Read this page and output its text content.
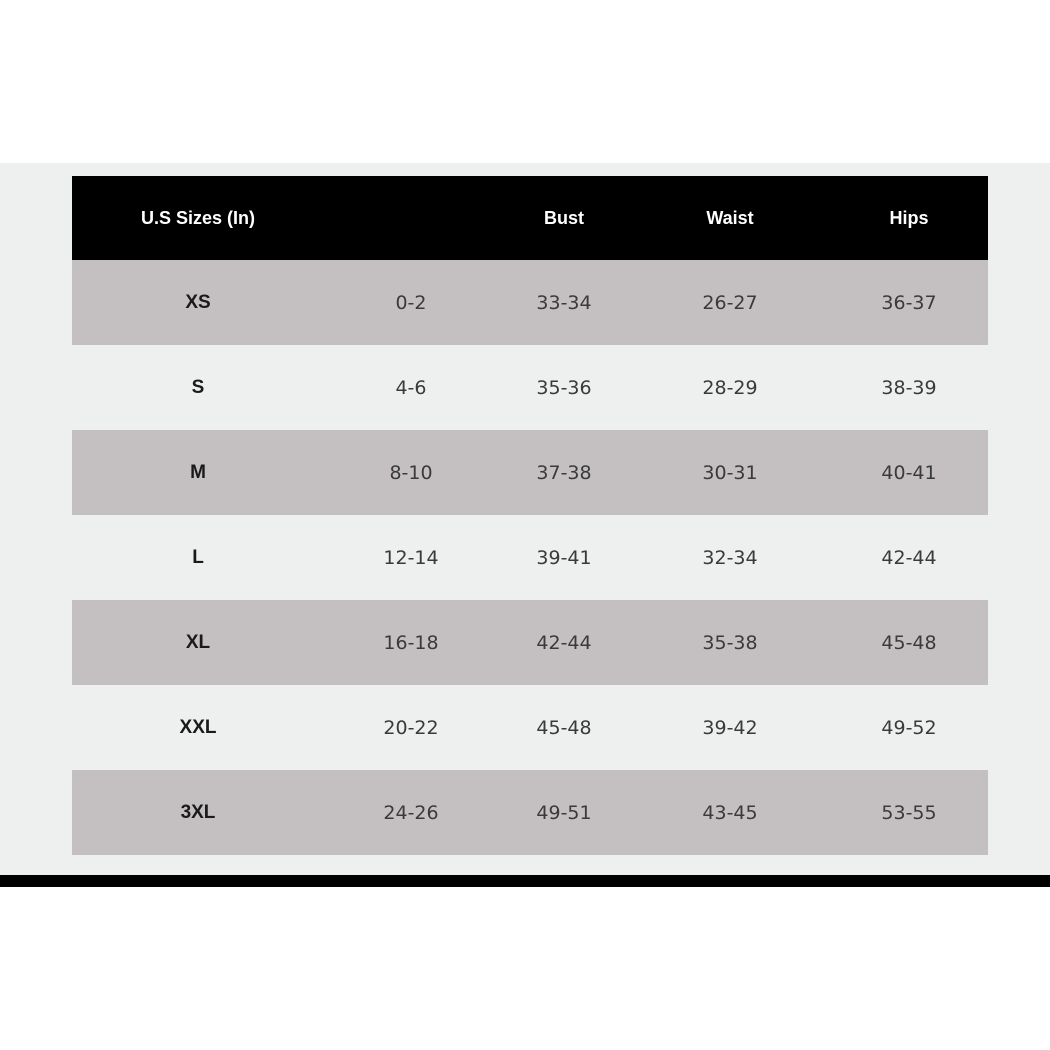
U.S Sizes (In)		Bust	Waist	Hips
XS	0-2	33-34	26-27	36-37
S	4-6	35-36	28-29	38-39
M	8-10	37-38	30-31	40-41
L	12-14	39-41	32-34	42-44
XL	16-18	42-44	35-38	45-48
XXL	20-22	45-48	39-42	49-52
3XL	24-26	49-51	43-45	53-55
